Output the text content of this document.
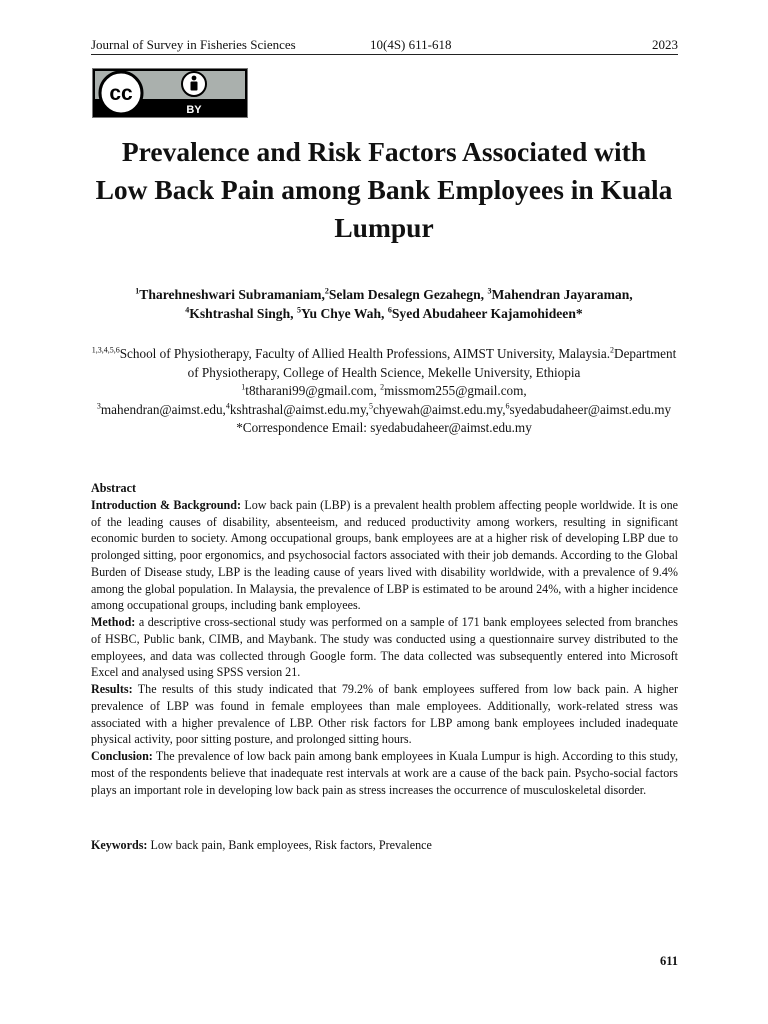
Journal of Survey in Fisheries Sciences	10(4S) 611-618	2023
cc
BY
Prevalence and Risk Factors Associated with
Low Back Pain among Bank Employees in Kuala
Lumpur
$^1$Tharehneshwari Subramaniam,$^2$Selam Desalegn Gezahegn, $^3$Mahendran Jayaraman,
$^4$Kshtrashal Singh, $^5$Yu Chye Wah, $^6$Syed Abudaheer Kajamohideen*
$^{1,3,4,5,6}$School of Physiotherapy, Faculty of Allied Health Professions, AIMST University, Malaysia.$^2$Department of Physiotherapy, College of Health Science, Mekelle University, Ethiopia
$^1$t8tharani99@gmail.com, $^2$missmom255@gmail.com,
$^3$mahendran@aimst.edu,$^4$kshtrashal@aimst.edu.my,$^5$chyewah@aimst.edu.my,$^6$syedabudaheer@aimst.edu.my
*Correspondence Email: syedabudaheer@aimst.edu.my

Abstract

Introduction & Background: Low back pain (LBP) is a prevalent health problem affecting people worldwide. It is one of the leading causes of disability, absenteeism, and reduced productivity among workers, resulting in significant economic burden to society. Among occupational groups, bank employees are at a higher risk of developing LBP due to prolonged sitting, poor ergonomics, and psychosocial factors associated with their job demands. According to the Global Burden of Disease study, LBP is the leading cause of years lived with disability worldwide, with a prevalence of 9.4% among the global population. In Malaysia, the prevalence of LBP is estimated to be around 24%, with a higher incidence among occupational groups, including bank employees.

Method: a descriptive cross-sectional study was performed on a sample of 171 bank employees selected from branches of HSBC, Public bank, CIMB, and Maybank. The study was conducted using a questionnaire survey distributed to the employees, and data was collected through Google form. The data collected was subsequently entered into Microsoft Excel and analysed using SPSS version 21.

Results: The results of this study indicated that 79.2% of bank employees suffered from low back pain. A higher prevalence of LBP was found in female employees than male employees. Additionally, work-related stress was associated with a higher prevalence of LBP. Other risk factors for LBP among bank employees included inadequate physical activity, poor sitting posture, and prolonged sitting hours.

Conclusion: The prevalence of low back pain among bank employees in Kuala Lumpur is high. According to this study, most of the respondents believe that inadequate rest intervals at work are a cause of the back pain. Psycho-social factors plays an important role in developing low back pain as stress increases the occurrence of musculoskeletal disorder.

Keywords: Low back pain, Bank employees, Risk factors, Prevalence
611
